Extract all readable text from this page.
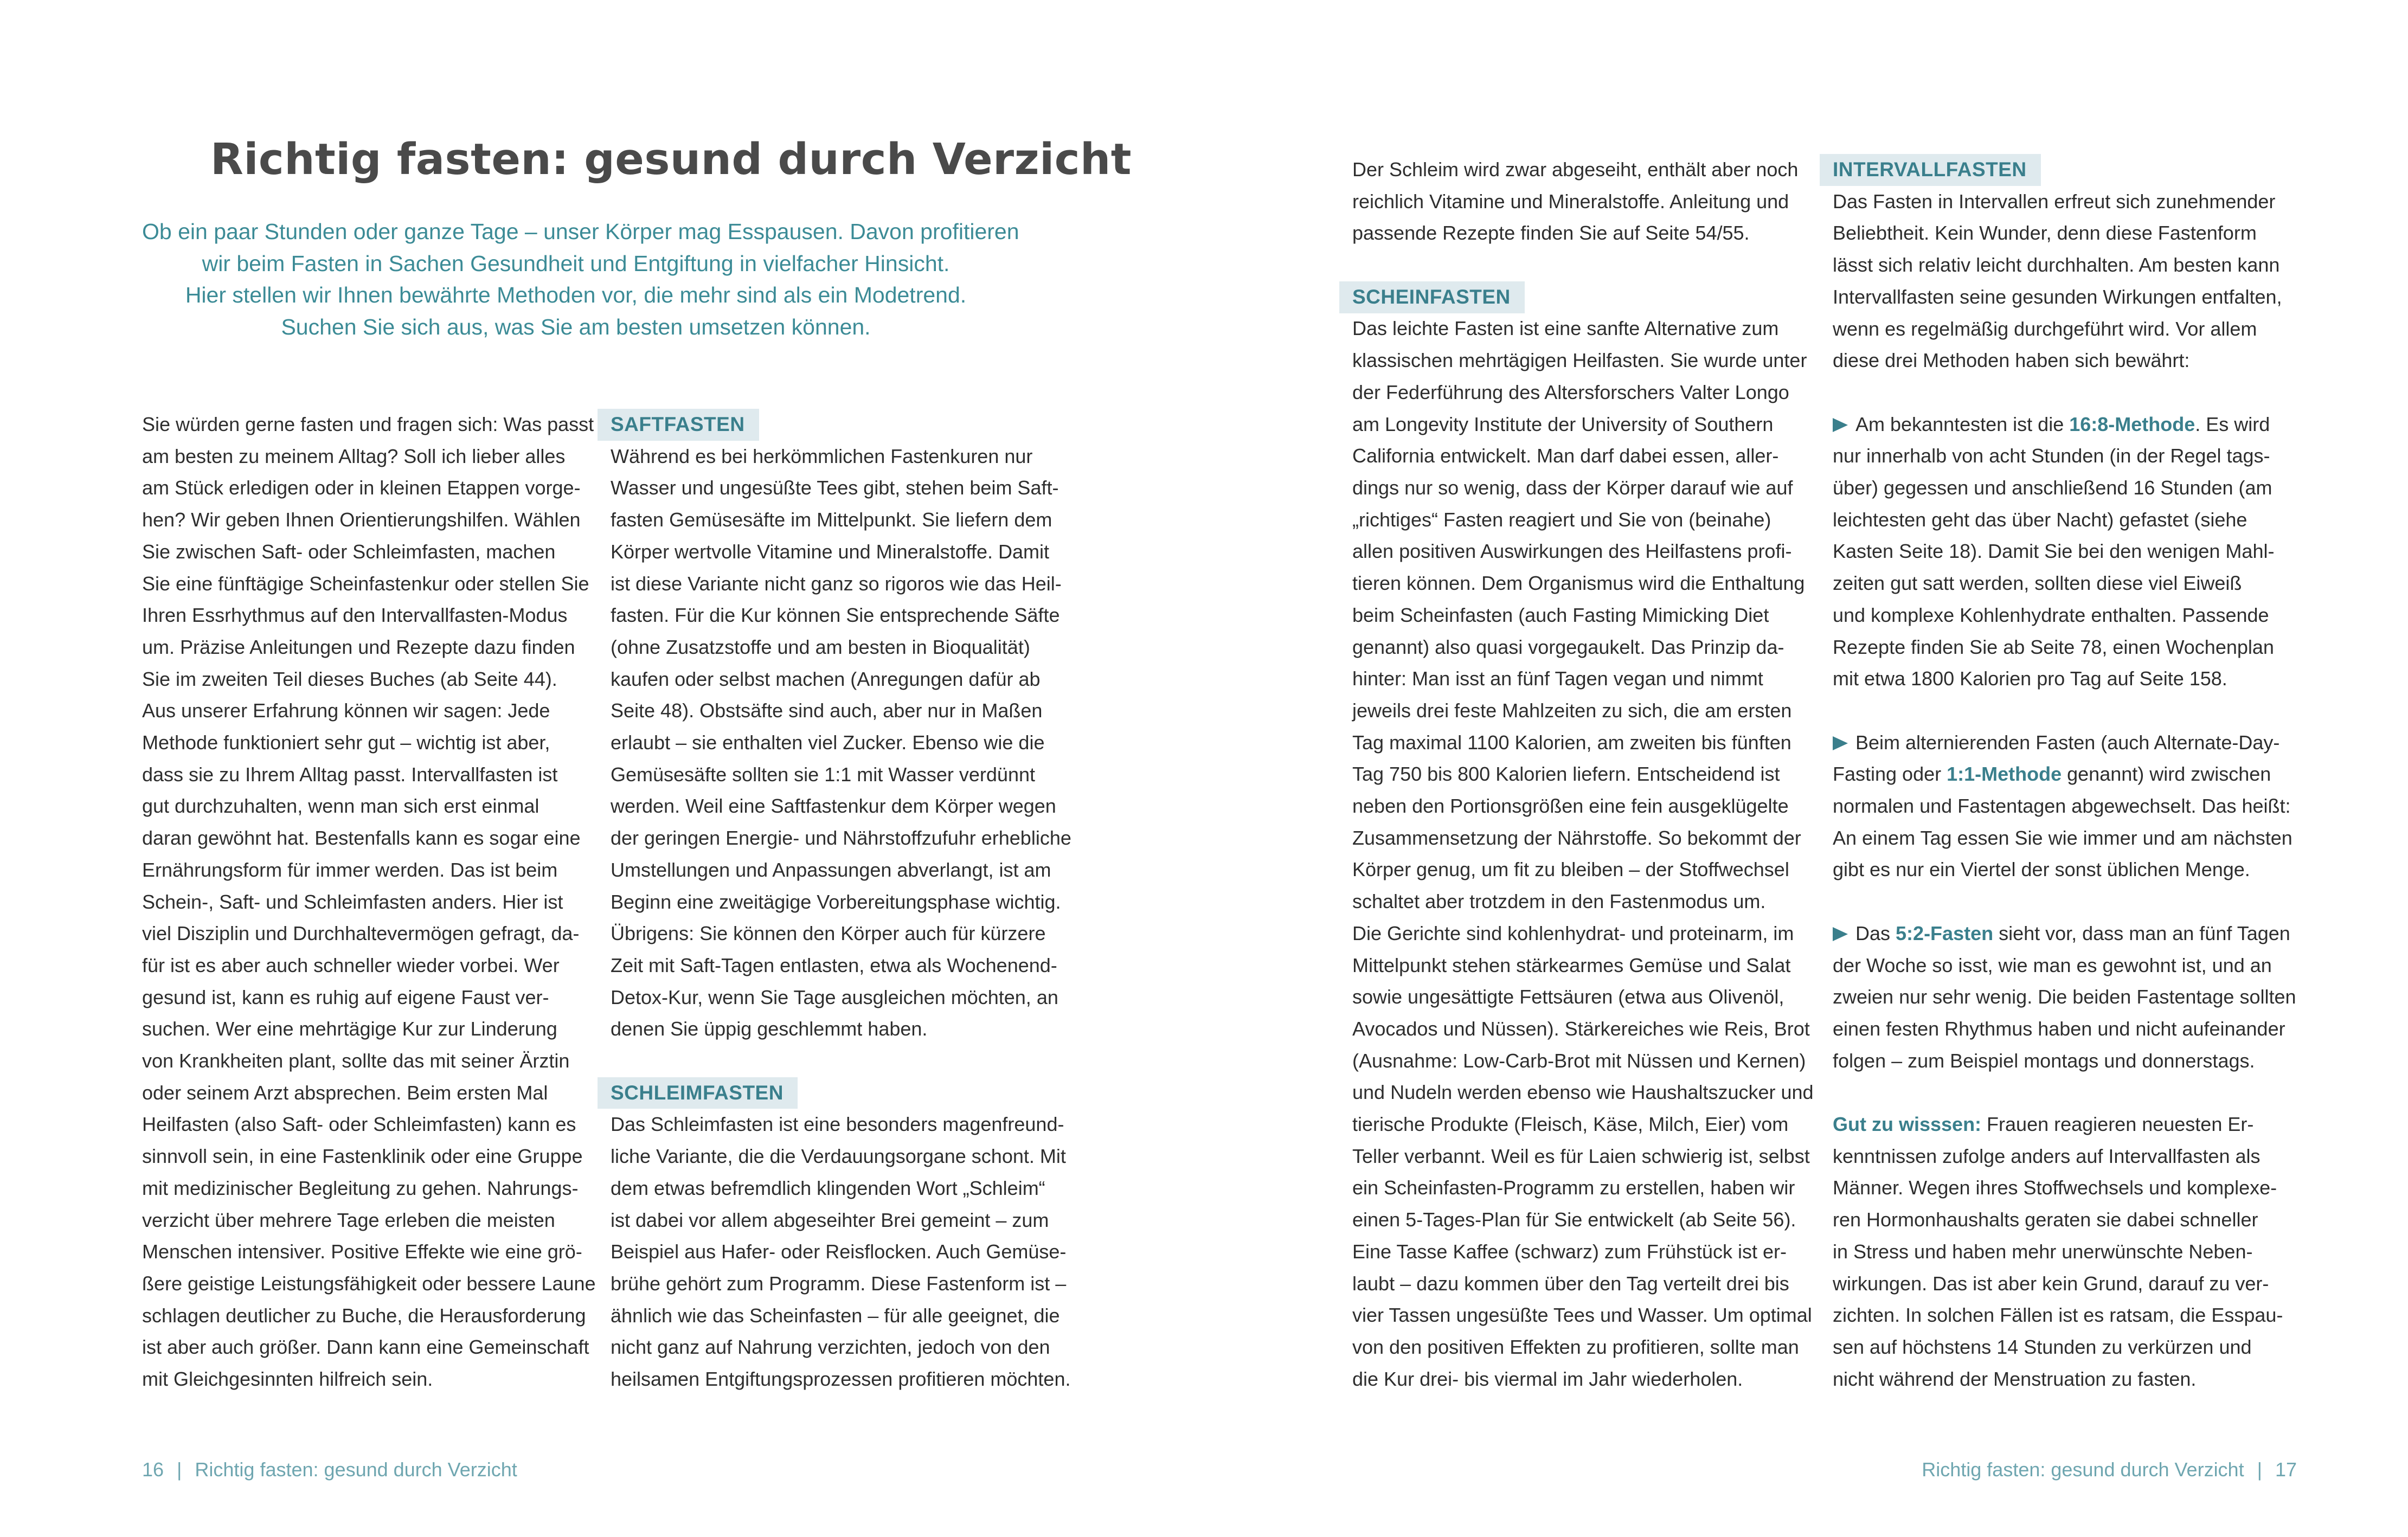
Richtig fasten: gesund durch Verzicht
Ob ein paar Stunden oder ganze Tage – unser Körper mag Esspausen. Davon profitieren
wir beim Fasten in Sachen Gesundheit und Entgiftung in vielfacher Hinsicht.
Hier stellen wir Ihnen bewährte Methoden vor, die mehr sind als ein Modetrend.
Suchen Sie sich aus, was Sie am besten umsetzen können.
Sie würden gerne fasten und fragen sich: Was passt
am besten zu meinem Alltag? Soll ich lieber alles
am Stück erledigen oder in kleinen Etappen vorge-
hen? Wir geben Ihnen Orientierungshilfen. Wählen
Sie zwischen Saft- oder Schleimfasten, machen
Sie eine fünftägige Scheinfastenkur oder stellen Sie
Ihren Essrhythmus auf den Intervallfasten-Modus
um. Präzise Anleitungen und Rezepte dazu finden
Sie im zweiten Teil dieses Buches (ab Seite 44).
Aus unserer Erfahrung können wir sagen: Jede
Methode funktioniert sehr gut – wichtig ist aber,
dass sie zu Ihrem Alltag passt. Intervallfasten ist
gut durchzuhalten, wenn man sich erst einmal
daran gewöhnt hat. Bestenfalls kann es sogar eine
Ernährungsform für immer werden. Das ist beim
Schein-, Saft- und Schleimfasten anders. Hier ist
viel Disziplin und Durchhaltevermögen gefragt, da-
für ist es aber auch schneller wieder vorbei. Wer
gesund ist, kann es ruhig auf eigene Faust ver-
suchen. Wer eine mehrtägige Kur zur Linderung
von Krankheiten plant, sollte das mit seiner Ärztin
oder seinem Arzt absprechen. Beim ersten Mal
Heilfasten (also Saft- oder Schleimfasten) kann es
sinnvoll sein, in eine Fastenklinik oder eine Gruppe
mit medizinischer Begleitung zu gehen. Nahrungs-
verzicht über mehrere Tage erleben die meisten
Menschen intensiver. Positive Effekte wie eine grö-
ßere geistige Leistungsfähigkeit oder bessere Laune
schlagen deutlicher zu Buche, die Herausforderung
ist aber auch größer. Dann kann eine Gemeinschaft
mit Gleichgesinnten hilfreich sein.
SAFTFASTEN
Während es bei herkömmlichen Fastenkuren nur
Wasser und ungesüßte Tees gibt, stehen beim Saft-
fasten Gemüsesäfte im Mittelpunkt. Sie liefern dem
Körper wertvolle Vitamine und Mineralstoffe. Damit
ist diese Variante nicht ganz so rigoros wie das Heil-
fasten. Für die Kur können Sie entsprechende Säfte
(ohne Zusatzstoffe und am besten in Bioqualität)
kaufen oder selbst machen (Anregungen dafür ab
Seite 48). Obstsäfte sind auch, aber nur in Maßen
erlaubt – sie enthalten viel Zucker. Ebenso wie die
Gemüsesäfte sollten sie 1:1 mit Wasser verdünnt
werden. Weil eine Saftfastenkur dem Körper wegen
der geringen Energie- und Nährstoffzufuhr erhebliche
Umstellungen und Anpassungen abverlangt, ist am
Beginn eine zweitägige Vorbereitungsphase wichtig.
Übrigens: Sie können den Körper auch für kürzere
Zeit mit Saft-Tagen entlasten, etwa als Wochenend-
Detox-Kur, wenn Sie Tage ausgleichen möchten, an
denen Sie üppig geschlemmt haben.
SCHLEIMFASTEN
Das Schleimfasten ist eine besonders magenfreund-
liche Variante, die die Verdauungsorgane schont. Mit
dem etwas befremdlich klingenden Wort „Schleim“
ist dabei vor allem abgeseihter Brei gemeint – zum
Beispiel aus Hafer- oder Reisflocken. Auch Gemüse-
brühe gehört zum Programm. Diese Fastenform ist –
ähnlich wie das Scheinfasten – für alle geeignet, die
nicht ganz auf Nahrung verzichten, jedoch von den
heilsamen Entgiftungsprozessen profitieren möchten.
16 | Richtig fasten: gesund durch Verzicht
Der Schleim wird zwar abgeseiht, enthält aber noch
reichlich Vitamine und Mineralstoffe. Anleitung und
passende Rezepte finden Sie auf Seite 54/55.
SCHEINFASTEN
Das leichte Fasten ist eine sanfte Alternative zum
klassischen mehrtägigen Heilfasten. Sie wurde unter
der Federführung des Altersforschers Valter Longo
am Longevity Institute der University of Southern
California entwickelt. Man darf dabei essen, aller-
dings nur so wenig, dass der Körper darauf wie auf
„richtiges“ Fasten reagiert und Sie von (beinahe)
allen positiven Auswirkungen des Heilfastens profi-
tieren können. Dem Organismus wird die Enthaltung
beim Scheinfasten (auch Fasting Mimicking Diet
genannt) also quasi vorgegaukelt. Das Prinzip da-
hinter: Man isst an fünf Tagen vegan und nimmt
jeweils drei feste Mahlzeiten zu sich, die am ersten
Tag maximal 1100 Kalorien, am zweiten bis fünften
Tag 750 bis 800 Kalorien liefern. Entscheidend ist
neben den Portionsgrößen eine fein ausgeklügelte
Zusammensetzung der Nährstoffe. So bekommt der
Körper genug, um fit zu bleiben – der Stoffwechsel
schaltet aber trotzdem in den Fastenmodus um.
Die Gerichte sind kohlenhydrat- und proteinarm, im
Mittelpunkt stehen stärkearmes Gemüse und Salat
sowie ungesättigte Fettsäuren (etwa aus Olivenöl,
Avocados und Nüssen). Stärkereiches wie Reis, Brot
(Ausnahme: Low-Carb-Brot mit Nüssen und Kernen)
und Nudeln werden ebenso wie Haushaltszucker und
tierische Produkte (Fleisch, Käse, Milch, Eier) vom
Teller verbannt. Weil es für Laien schwierig ist, selbst
ein Scheinfasten-Programm zu erstellen, haben wir
einen 5-Tages-Plan für Sie entwickelt (ab Seite 56).
Eine Tasse Kaffee (schwarz) zum Frühstück ist er-
laubt – dazu kommen über den Tag verteilt drei bis
vier Tassen ungesüßte Tees und Wasser. Um optimal
von den positiven Effekten zu profitieren, sollte man
die Kur drei- bis viermal im Jahr wiederholen.
INTERVALLFASTEN
Das Fasten in Intervallen erfreut sich zunehmender
Beliebtheit. Kein Wunder, denn diese Fastenform
lässt sich relativ leicht durchhalten. Am besten kann
Intervallfasten seine gesunden Wirkungen entfalten,
wenn es regelmäßig durchgeführt wird. Vor allem
diese drei Methoden haben sich bewährt:
Am bekanntesten ist die 16:8-Methode. Es wird
nur innerhalb von acht Stunden (in der Regel tags-
über) gegessen und anschließend 16 Stunden (am
leichtesten geht das über Nacht) gefastet (siehe
Kasten Seite 18). Damit Sie bei den wenigen Mahl-
zeiten gut satt werden, sollten diese viel Eiweiß
und komplexe Kohlenhydrate enthalten. Passende
Rezepte finden Sie ab Seite 78, einen Wochenplan
mit etwa 1800 Kalorien pro Tag auf Seite 158.
Beim alternierenden Fasten (auch Alternate-Day-
Fasting oder 1:1-Methode genannt) wird zwischen
normalen und Fastentagen abgewechselt. Das heißt:
An einem Tag essen Sie wie immer und am nächsten
gibt es nur ein Viertel der sonst üblichen Menge.
Das 5:2-Fasten sieht vor, dass man an fünf Tagen
der Woche so isst, wie man es gewohnt ist, und an
zweien nur sehr wenig. Die beiden Fastentage sollten
einen festen Rhythmus haben und nicht aufeinander
folgen – zum Beispiel montags und donnerstags.
Gut zu wisssen: Frauen reagieren neuesten Er-
kenntnissen zufolge anders auf Intervallfasten als
Männer. Wegen ihres Stoffwechsels und komplexe-
ren Hormonhaushalts geraten sie dabei schneller
in Stress und haben mehr unerwünschte Neben-
wirkungen. Das ist aber kein Grund, darauf zu ver-
zichten. In solchen Fällen ist es ratsam, die Esspau-
sen auf höchstens 14 Stunden zu verkürzen und
nicht während der Menstruation zu fasten.
Richtig fasten: gesund durch Verzicht | 17
